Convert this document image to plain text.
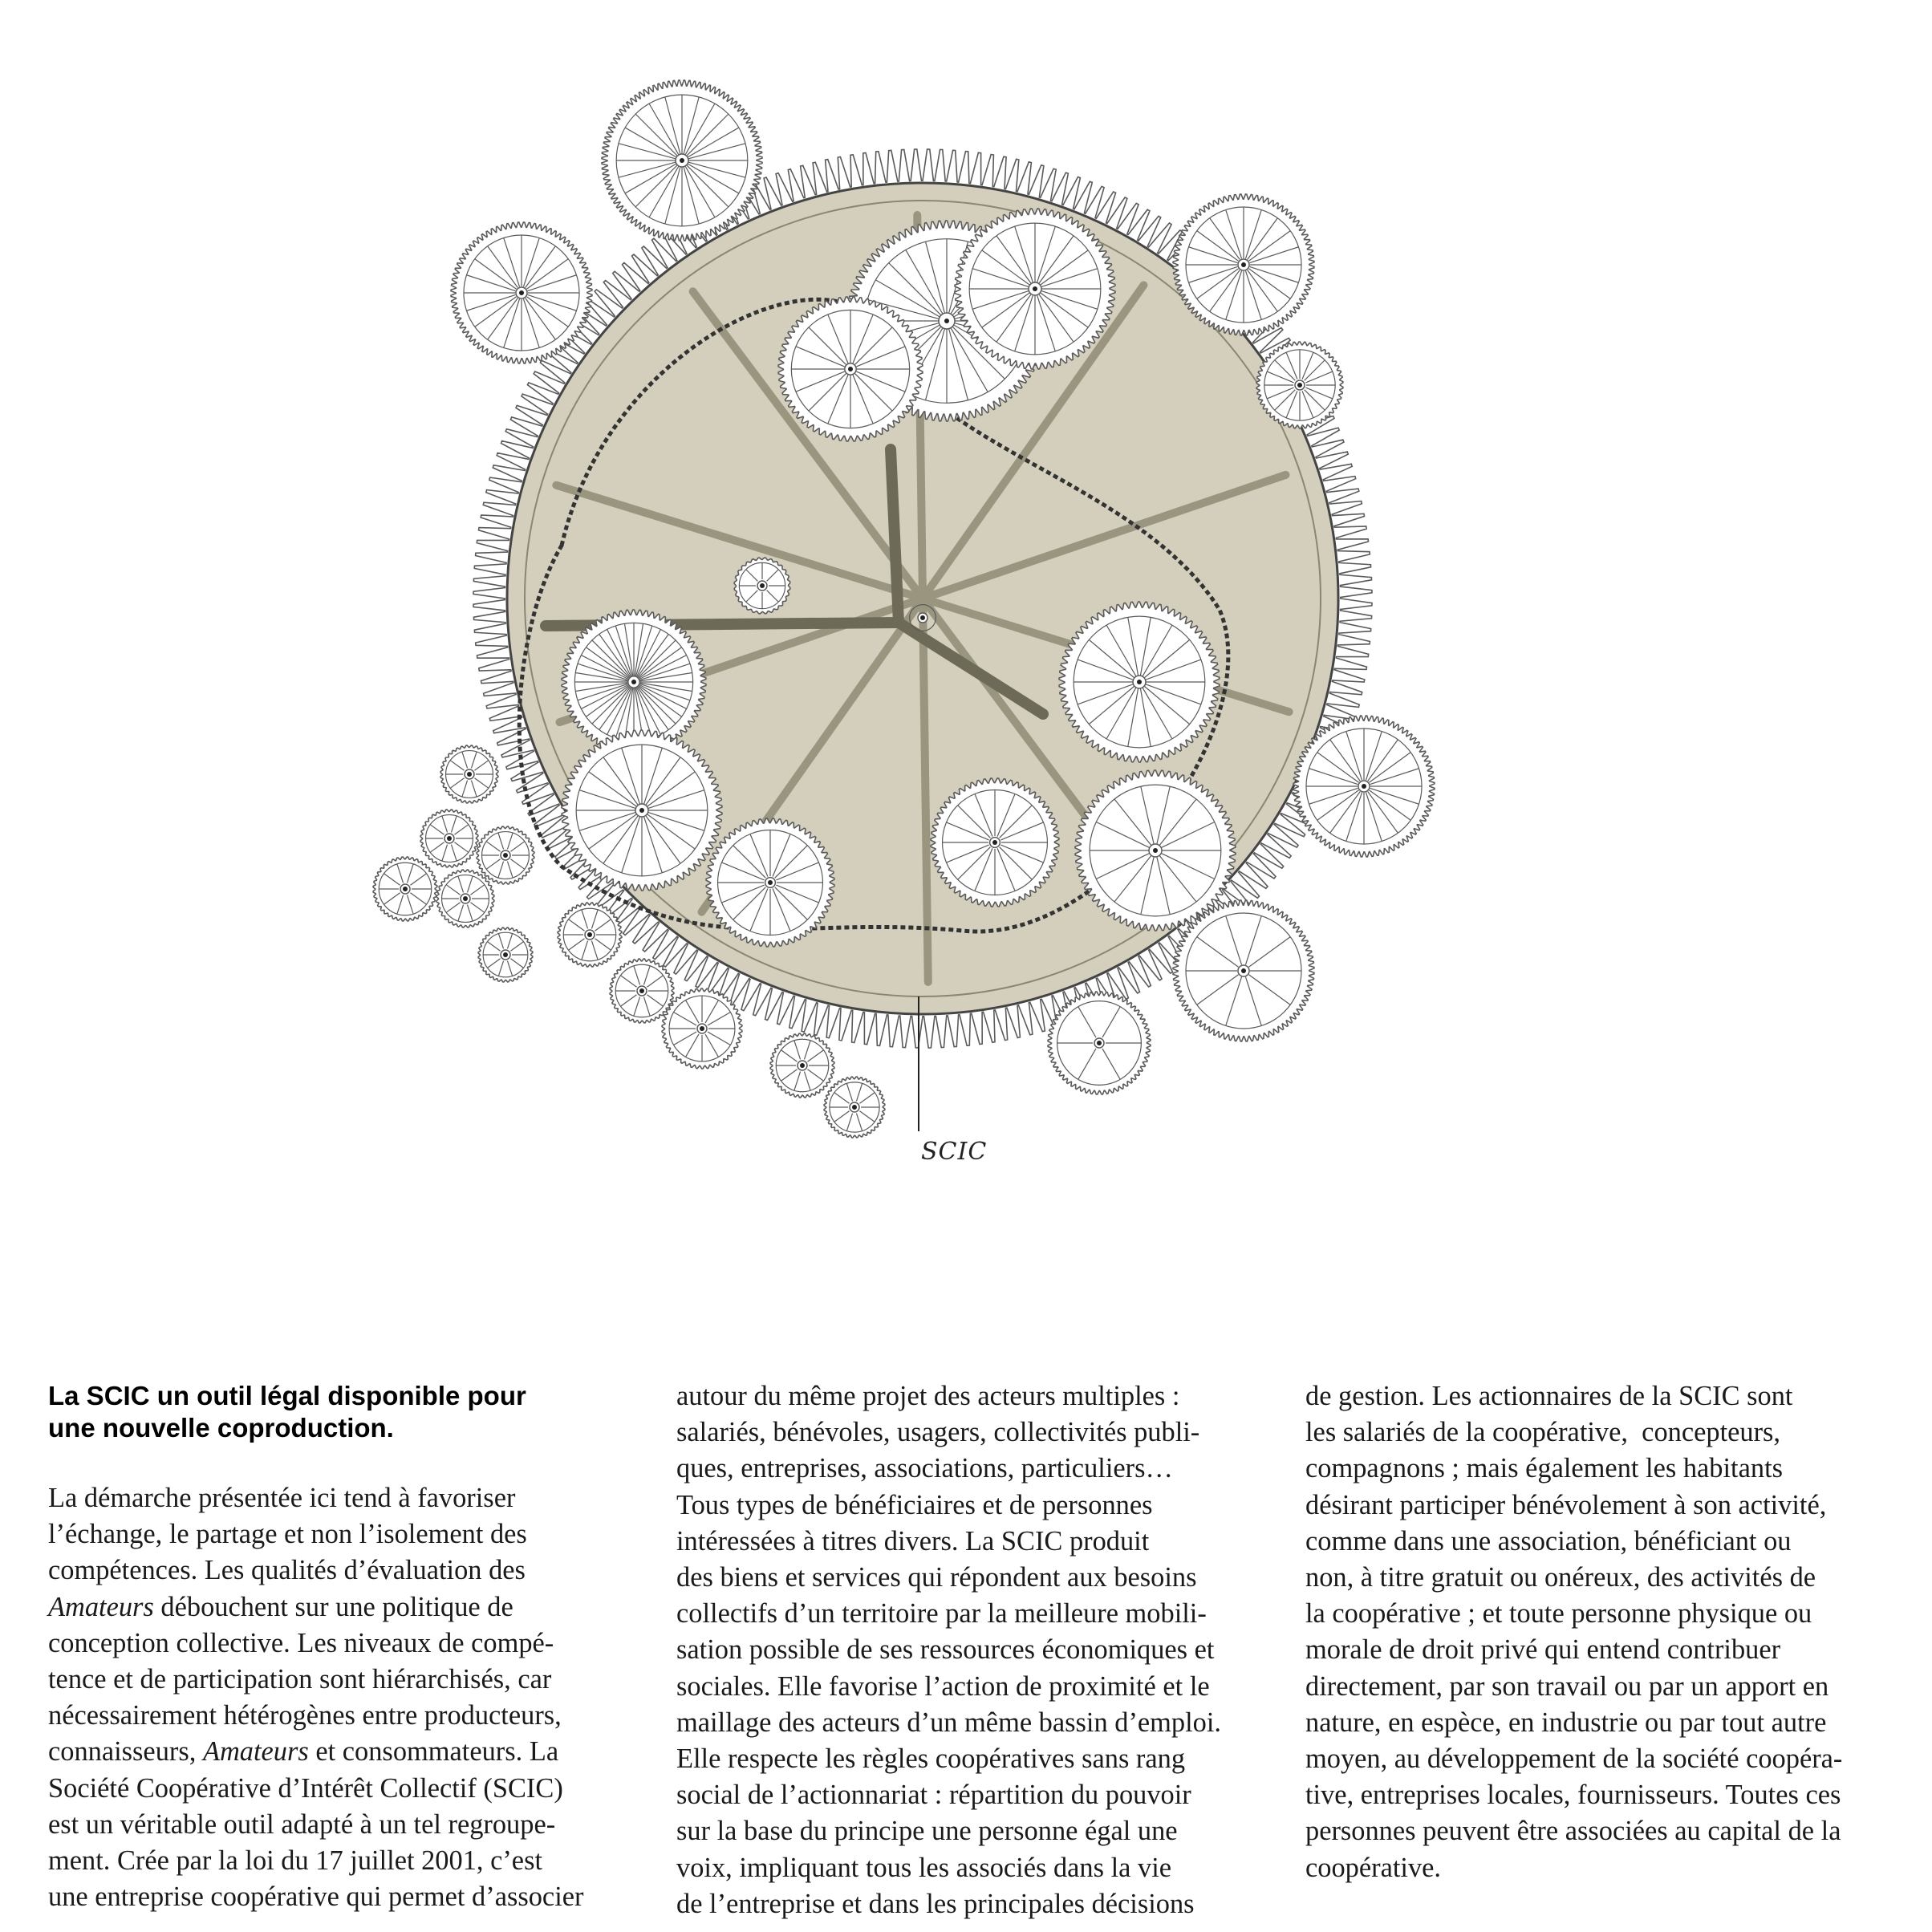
SCIC
La SCIC un outil légal disponible pour
une nouvelle coproduction.
La démarche présentée ici tend à favoriser
l’échange, le partage et non l’isolement des
compétences. Les qualités d’évaluation des
Amateurs débouchent sur une politique de
conception collective. Les niveaux de compé-
tence et de participation sont hiérarchisés, car
nécessairement hétérogènes entre producteurs,
connaisseurs, Amateurs et consommateurs. La
Société Coopérative d’Intérêt Collectif (SCIC)
est un véritable outil adapté à un tel regroupe-
ment. Crée par la loi du 17 juillet 2001, c’est
une entreprise coopérative qui permet d’associer
autour du même projet des acteurs multiples :
salariés, bénévoles, usagers, collectivités publi-
ques, entreprises, associations, particuliers…
Tous types de bénéficiaires et de personnes
intéressées à titres divers. La SCIC produit
des biens et services qui répondent aux besoins
collectifs d’un territoire par la meilleure mobili-
sation possible de ses ressources économiques et
sociales. Elle favorise l’action de proximité et le
maillage des acteurs d’un même bassin d’emploi.
Elle respecte les règles coopératives sans rang
social de l’actionnariat : répartition du pouvoir
sur la base du principe une personne égal une
voix, impliquant tous les associés dans la vie
de l’entreprise et dans les principales décisions
de gestion. Les actionnaires de la SCIC sont
les salariés de la coopérative,  concepteurs,
compagnons ; mais également les habitants
désirant participer bénévolement à son activité,
comme dans une association, bénéficiant ou
non, à titre gratuit ou onéreux, des activités de
la coopérative ; et toute personne physique ou
morale de droit privé qui entend contribuer
directement, par son travail ou par un apport en
nature, en espèce, en industrie ou par tout autre
moyen, au développement de la société coopéra-
tive, entreprises locales, fournisseurs. Toutes ces
personnes peuvent être associées au capital de la
coopérative.
